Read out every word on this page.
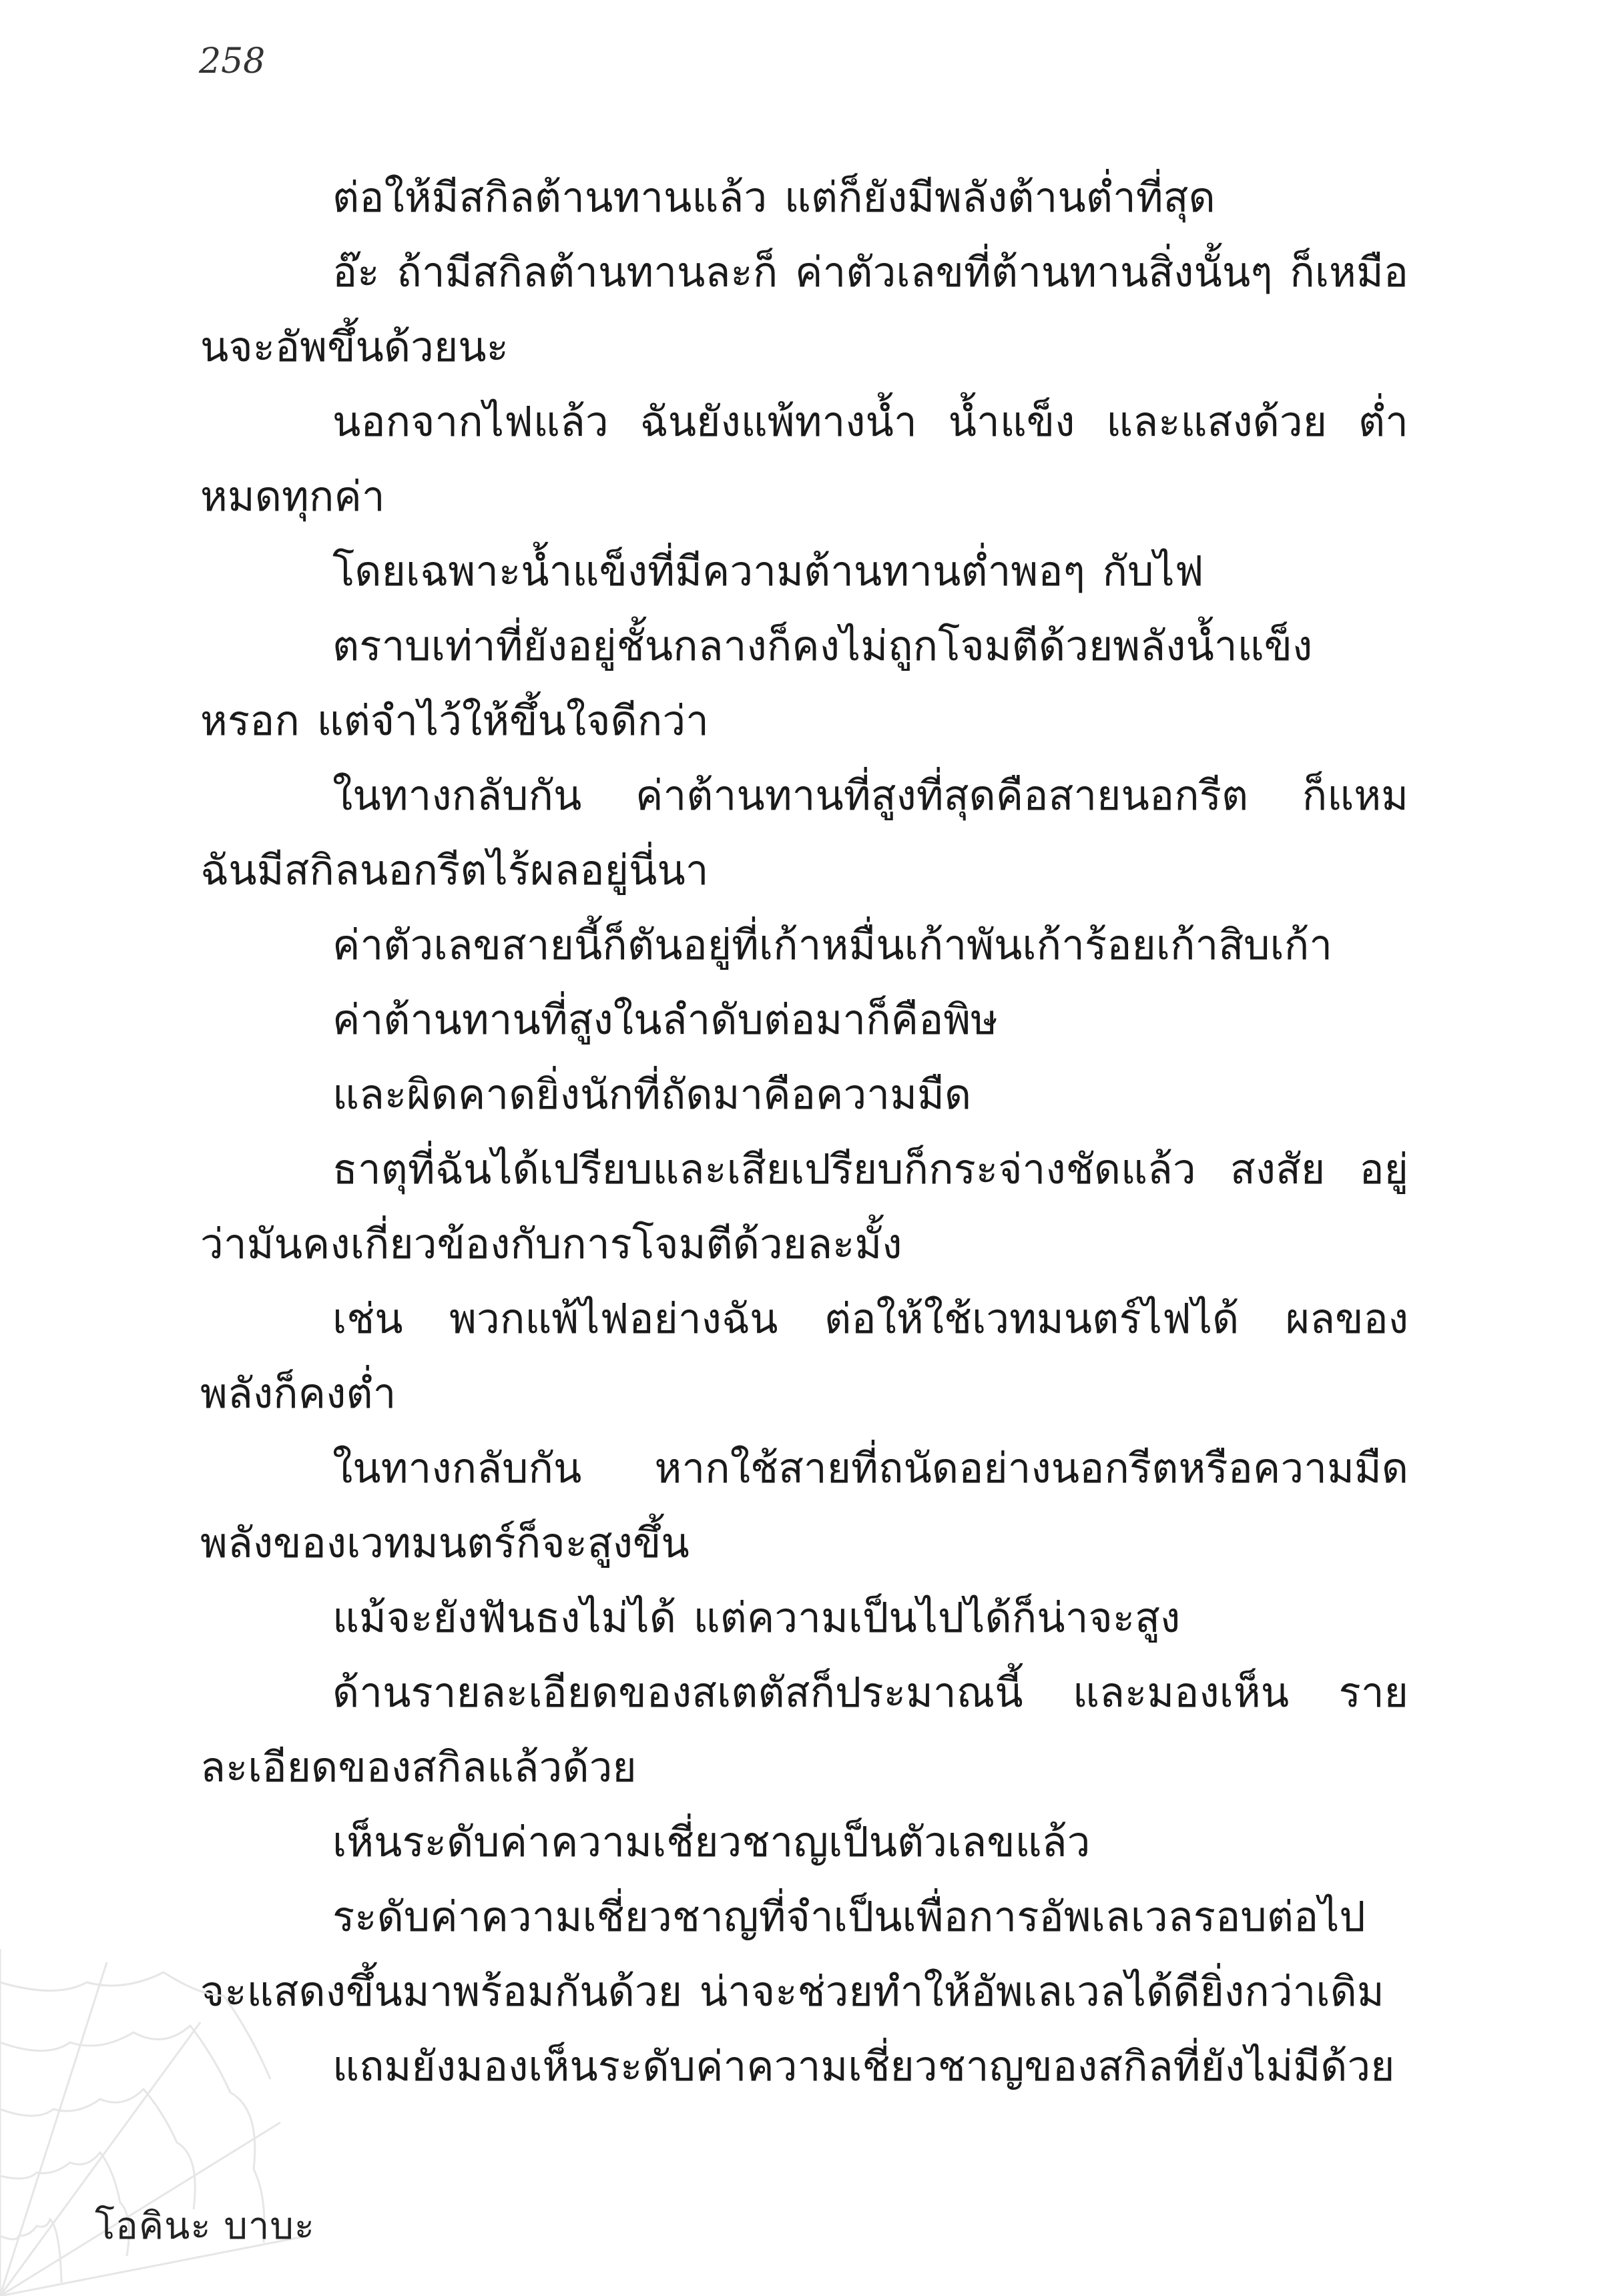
258

ต่อให้มีสกิลต้านทานแล้ว แต่ก็ยังมีพลังต้านต่ำที่สุด

อ๊ะ ถ้ามีสกิลต้านทานละก็ ค่าตัวเลขที่ต้านทานสิ่งนั้นๆ ก็เหมือนจะอัพขึ้นด้วยนะ

นอกจากไฟแล้ว ฉันยังแพ้ทางน้ำ น้ำแข็ง และแสงด้วย ต่ำหมดทุกค่า

โดยเฉพาะน้ำแข็งที่มีความต้านทานต่ำพอๆ กับไฟ

ตราบเท่าที่ยังอยู่ชั้นกลางก็คงไม่ถูกโจมตีด้วยพลังน้ำแข็ง หรอก แต่จำไว้ให้ขึ้นใจดีกว่า

ในทางกลับกัน ค่าต้านทานที่สูงที่สุดคือสายนอกรีต ก็แหม ฉันมีสกิลนอกรีตไร้ผลอยู่นี่นา

ค่าตัวเลขสายนี้ก็ตันอยู่ที่เก้าหมื่นเก้าพันเก้าร้อยเก้าสิบเก้า

ค่าต้านทานที่สูงในลำดับต่อมาก็คือพิษ

และผิดคาดยิ่งนักที่ถัดมาคือความมืด

ธาตุที่ฉันได้เปรียบและเสียเปรียบก็กระจ่างชัดแล้ว สงสัย อยู่ว่ามันคงเกี่ยวข้องกับการโจมตีด้วยละมั้ง

เช่น พวกแพ้ไฟอย่างฉัน ต่อให้ใช้เวทมนตร์ไฟได้ ผลของ พลังก็คงต่ำ

ในทางกลับกัน หากใช้สายที่ถนัดอย่างนอกรีตหรือความมืด พลังของเวทมนตร์ก็จะสูงขึ้น

แม้จะยังฟันธงไม่ได้ แต่ความเป็นไปได้ก็น่าจะสูง

ด้านรายละเอียดของสเตตัสก็ประมาณนี้ และมองเห็น รายละเอียดของสกิลแล้วด้วย

เห็นระดับค่าความเชี่ยวชาญเป็นตัวเลขแล้ว

ระดับค่าความเชี่ยวชาญที่จำเป็นเพื่อการอัพเลเวลรอบต่อไป จะแสดงขึ้นมาพร้อมกันด้วย น่าจะช่วยทำให้อัพเลเวลได้ดียิ่งกว่าเดิม

แถมยังมองเห็นระดับค่าความเชี่ยวชาญของสกิลที่ยังไม่มีด้วย

โอคินะ บาบะ
